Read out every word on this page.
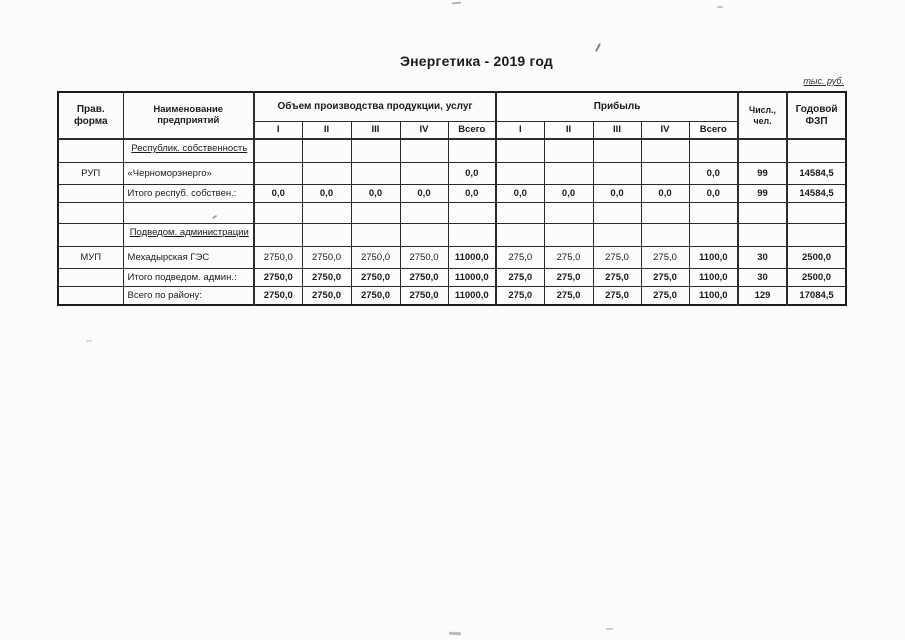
Энергетика - 2019 год
тыс. руб.
Прав. форма	Наименование предприятий	Объем производства продукции, услуг					Прибыль					Числ., чел.	Годовой ФЗП
		I	II	III	IV	Всего	I	II	III	IV	Всего		
	Республик. собственность												
РУП	«Черноморэнерго»					0,0					0,0	99	14584,5
	Итого респуб. собствен.:	0,0	0,0	0,0	0,0	0,0	0,0	0,0	0,0	0,0	0,0	99	14584,5

	Подведом. администрации												
МУП	Мехадырская ГЭС	2750,0	2750,0	2750,0	2750,0	11000,0	275,0	275,0	275,0	275,0	1100,0	30	2500,0
	Итого подведом. админ.:	2750,0	2750,0	2750,0	2750,0	11000,0	275,0	275,0	275,0	275,0	1100,0	30	2500,0
	Всего по району:	2750,0	2750,0	2750,0	2750,0	11000,0	275,0	275,0	275,0	275,0	1100,0	129	17084,5
